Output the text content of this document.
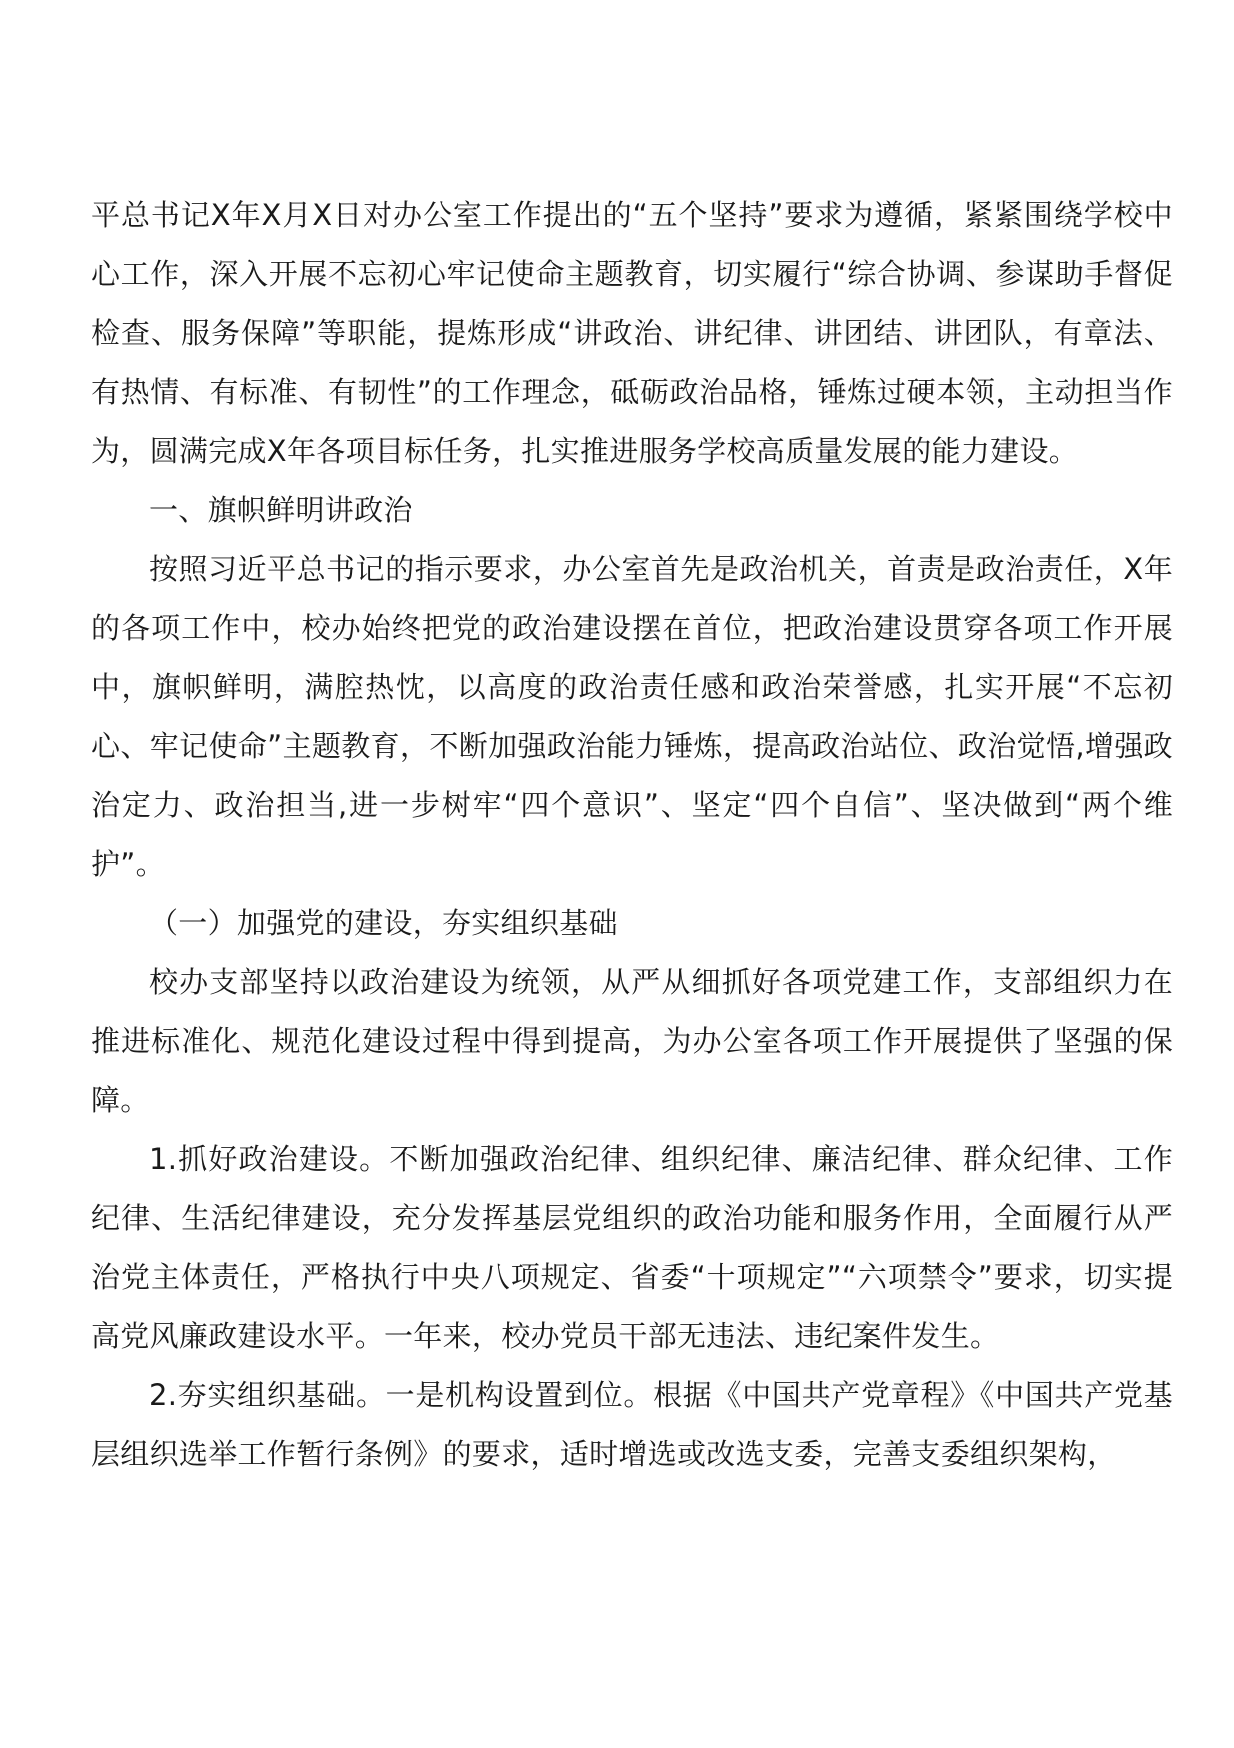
平总书记X年X月X日对办公室工作提出的“五个坚持”要求为遵循，紧紧围绕学校中心工作，深入开展不忘初心牢记使命主题教育，切实履行“综合协调、参谋助手督促检查、服务保障”等职能，提炼形成“讲政治、讲纪律、讲团结、讲团队，有章法、有热情、有标准、有韧性”的工作理念，砥砺政治品格，锤炼过硬本领，主动担当作为，圆满完成X年各项目标任务，扎实推进服务学校高质量发展的能力建设。

一、旗帜鲜明讲政治

按照习近平总书记的指示要求，办公室首先是政治机关，首责是政治责任，X年的各项工作中，校办始终把党的政治建设摆在首位，把政治建设贯穿各项工作开展中，旗帜鲜明，满腔热忱，以高度的政治责任感和政治荣誉感，扎实开展“不忘初心、牢记使命”主题教育，不断加强政治能力锤炼，提高政治站位、政治觉悟,增强政治定力、政治担当,进一步树牢“四个意识”、坚定“四个自信”、坚决做到“两个维护”。

（一）加强党的建设，夯实组织基础

校办支部坚持以政治建设为统领，从严从细抓好各项党建工作，支部组织力在推进标准化、规范化建设过程中得到提高，为办公室各项工作开展提供了坚强的保障。

1.抓好政治建设。不断加强政治纪律、组织纪律、廉洁纪律、群众纪律、工作纪律、生活纪律建设，充分发挥基层党组织的政治功能和服务作用，全面履行从严治党主体责任，严格执行中央八项规定、省委“十项规定”“六项禁令”要求，切实提高党风廉政建设水平。一年来，校办党员干部无违法、违纪案件发生。

2.夯实组织基础。一是机构设置到位。根据《中国共产党章程》《中国共产党基层组织选举工作暂行条例》的要求，适时增选或改选支委，完善支委组织架构，
